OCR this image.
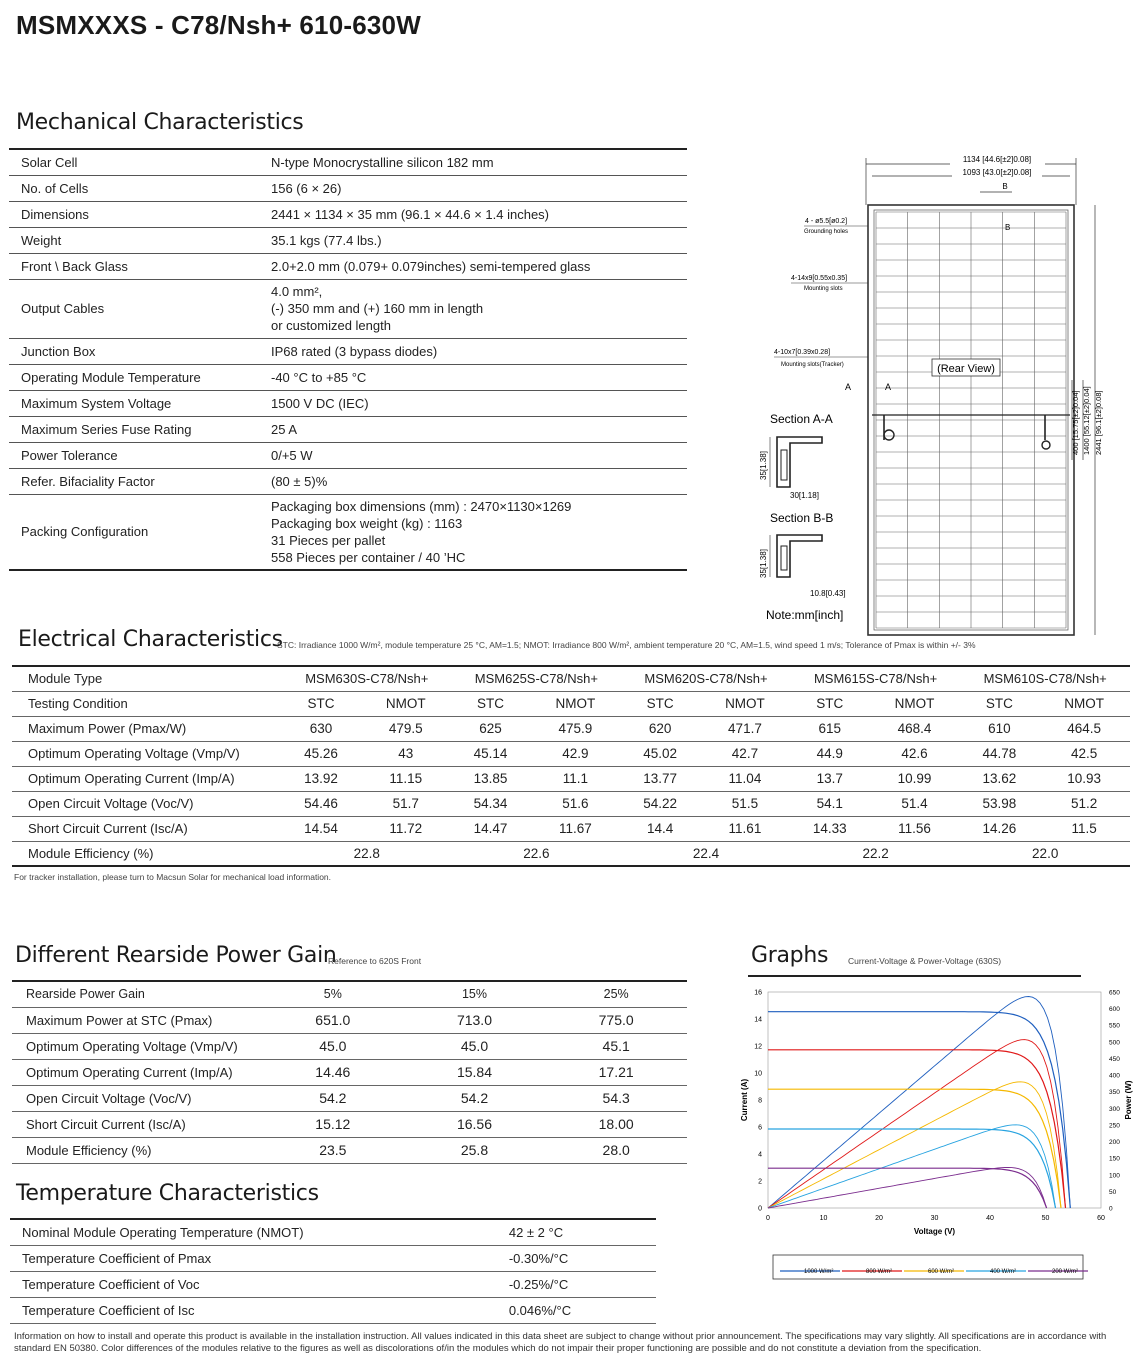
MSMXXXS - C78/Nsh+ 610-630W
Mechanical Characteristics
Solar Cell	N-type Monocrystalline silicon 182 mm
No. of Cells	156 (6 × 26)
Dimensions	2441 × 1134 × 35 mm (96.1 × 44.6 × 1.4 inches)
Weight	35.1 kgs (77.4 lbs.)
Front \ Back Glass	2.0+2.0 mm (0.079+ 0.079inches) semi-tempered glass
Output Cables	4.0 mm²,
(-) 350 mm and (+) 160 mm in length
or customized length

Junction Box	IP68 rated (3 bypass diodes)
Operating Module Temperature	-40 °C to +85 °C
Maximum System Voltage	1500 V DC (IEC)
Maximum Series Fuse Rating	25 A
Power Tolerance	0/+5 W
Refer. Bifaciality Factor	(80 ± 5)%
Packing Configuration	Packaging box dimensions (mm) : 2470×1130×1269
Packaging box weight (kg) : 1163
31 Pieces per pallet
558 Pieces per container / 40 ’HC
1134 [44.6[±2]0.08]
1093 [43.0[±2]0.08]
B
400 [15.75[±2]0.04] 1400 [55.12[±2]0.04] 2441 [96.1[±2]0.08]
4 - ø5.5[ø0.2]
Grounding holes	B
4-14x9[0.55x0.35]
Mounting slots
4-10x7[0.39x0.28]
Mounting slots(Tracker)
A	A
(Rear View)
Section A-A
35[1.38]
30[1.18]
Section B-B
35[1.38]
10.8[0.43]
Note:mm[inch]
Electrical Characteristics
STC: Irradiance 1000 W/m², module temperature 25 °C, AM=1.5; NMOT: Irradiance 800 W/m², ambient temperature 20 °C, AM=1.5, wind speed 1 m/s; Tolerance of Pmax is within +/- 3%
Module Type	MSM630S-C78/Nsh+		MSM625S-C78/Nsh+		MSM620S-C78/Nsh+		MSM615S-C78/Nsh+		MSM610S-C78/Nsh+	
Testing Condition	STC	NMOT	STC	NMOT	STC	NMOT	STC	NMOT	STC	NMOT
Maximum Power (Pmax/W)	630	479.5	625	475.9	620	471.7	615	468.4	610	464.5
Optimum Operating Voltage (Vmp/V)	45.26	43	45.14	42.9	45.02	42.7	44.9	42.6	44.78	42.5
Optimum Operating Current (Imp/A)	13.92	11.15	13.85	11.1	13.77	11.04	13.7	10.99	13.62	10.93
Open Circuit Voltage (Voc/V)	54.46	51.7	54.34	51.6	54.22	51.5	54.1	51.4	53.98	51.2
Short Circuit Current (Isc/A)	14.54	11.72	14.47	11.67	14.4	11.61	14.33	11.56	14.26	11.5
Module Efficiency (%)	22.8		22.6		22.4		22.2		22.0	
For tracker installation, please turn to Macsun Solar for mechanical load information.
Different Rearside Power Gain
Reference to 620S Front
Rearside Power Gain	5%	15%	25%
Maximum Power at STC (Pmax)	651.0	713.0	775.0
Optimum Operating Voltage (Vmp/V)	45.0	45.0	45.1
Optimum Operating Current (Imp/A)	14.46	15.84	17.21
Open Circuit Voltage (Voc/V)	54.2	54.2	54.3
Short Circuit Current (Isc/A)	15.12	16.56	18.00
Module Efficiency (%)	23.5	25.8	28.0
Temperature Characteristics
Nominal Module Operating Temperature (NMOT)	42 ± 2 °C
Temperature Coefficient of Pmax	-0.30%/°C
Temperature Coefficient of Voc	-0.25%/°C
Temperature Coefficient of Isc	0.046%/°C
Graphs Current-Voltage & Power-Voltage (630S)
0
2
4
6
8
10
12
14
16
0
50
100
150
200
250
300
350
400
450
500
550
600
650
0	10	20	30	40	50	60
Voltage (V)
Current (A)	Power (W)
1000 W/m²	800 W/m²	600 W/m²	400 W/m²	200 W/m²
Information on how to install and operate this product is available in the installation instruction. All values indicated in this data sheet are subject to change without prior announcement. The specifications may vary slightly. All specifications are in accordance with standard EN 50380. Color differences of the modules relative to the figures as well as discolorations of/in the modules which do not impair their proper functioning are possible and do not constitute a deviation from the specification.
